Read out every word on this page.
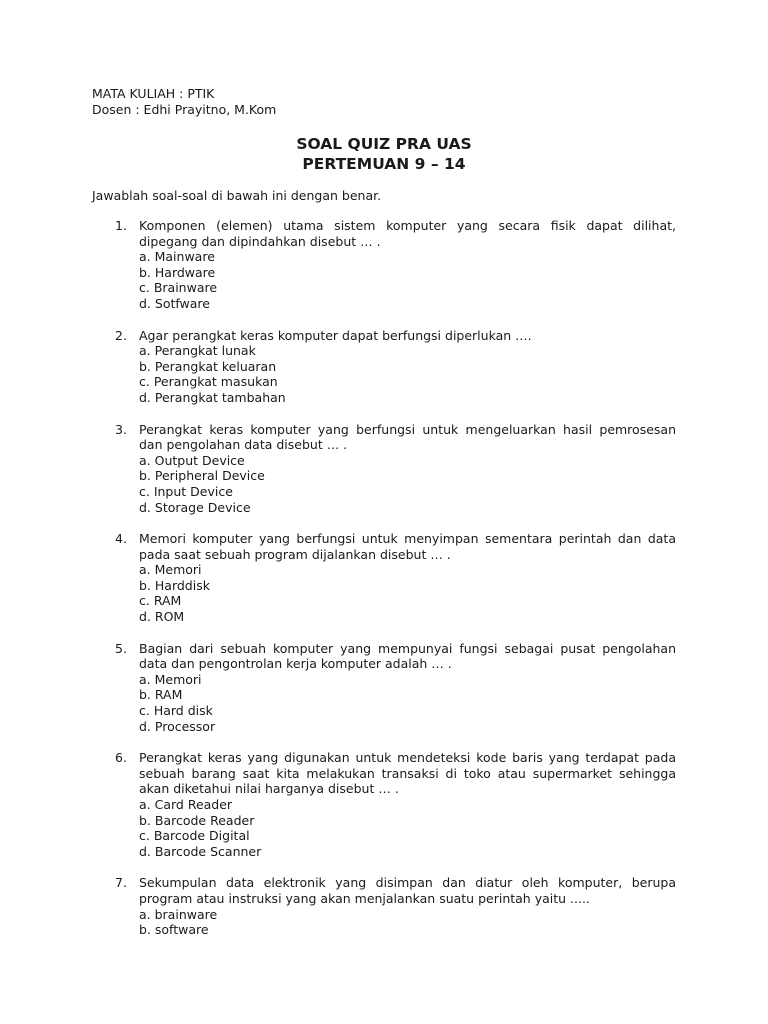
MATA KULIAH : PTIK
Dosen : Edhi Prayitno, M.Kom
SOAL QUIZ PRA UAS
PERTEMUAN 9 – 14
Jawablah soal-soal di bawah ini dengan benar.
1. Komponen (elemen) utama sistem komputer yang secara fisik dapat dilihat, dipegang dan dipindahkan disebut … .
a. Mainware
b. Hardware
c. Brainware
d. Sotfware
2. Agar perangkat keras komputer dapat berfungsi diperlukan ….
a. Perangkat lunak
b. Perangkat keluaran
c. Perangkat masukan
d. Perangkat tambahan
3. Perangkat keras komputer yang berfungsi untuk mengeluarkan hasil pemrosesan dan pengolahan data disebut … .
a. Output Device
b. Peripheral Device
c. Input Device
d. Storage Device
4. Memori komputer yang berfungsi untuk menyimpan sementara perintah dan data pada saat sebuah program dijalankan disebut … .
a. Memori
b. Harddisk
c. RAM
d. ROM
5. Bagian dari sebuah komputer yang mempunyai fungsi sebagai pusat pengolahan data dan pengontrolan kerja komputer adalah … .
a. Memori
b. RAM
c. Hard disk
d. Processor
6. Perangkat keras yang digunakan untuk mendeteksi kode baris yang terdapat pada sebuah barang saat kita melakukan transaksi di toko atau supermarket sehingga akan diketahui nilai harganya disebut … .
a. Card Reader
b. Barcode Reader
c. Barcode Digital
d. Barcode Scanner
7. Sekumpulan data elektronik yang disimpan dan diatur oleh komputer, berupa program atau instruksi yang akan menjalankan suatu perintah yaitu .....
a. brainware
b. software
